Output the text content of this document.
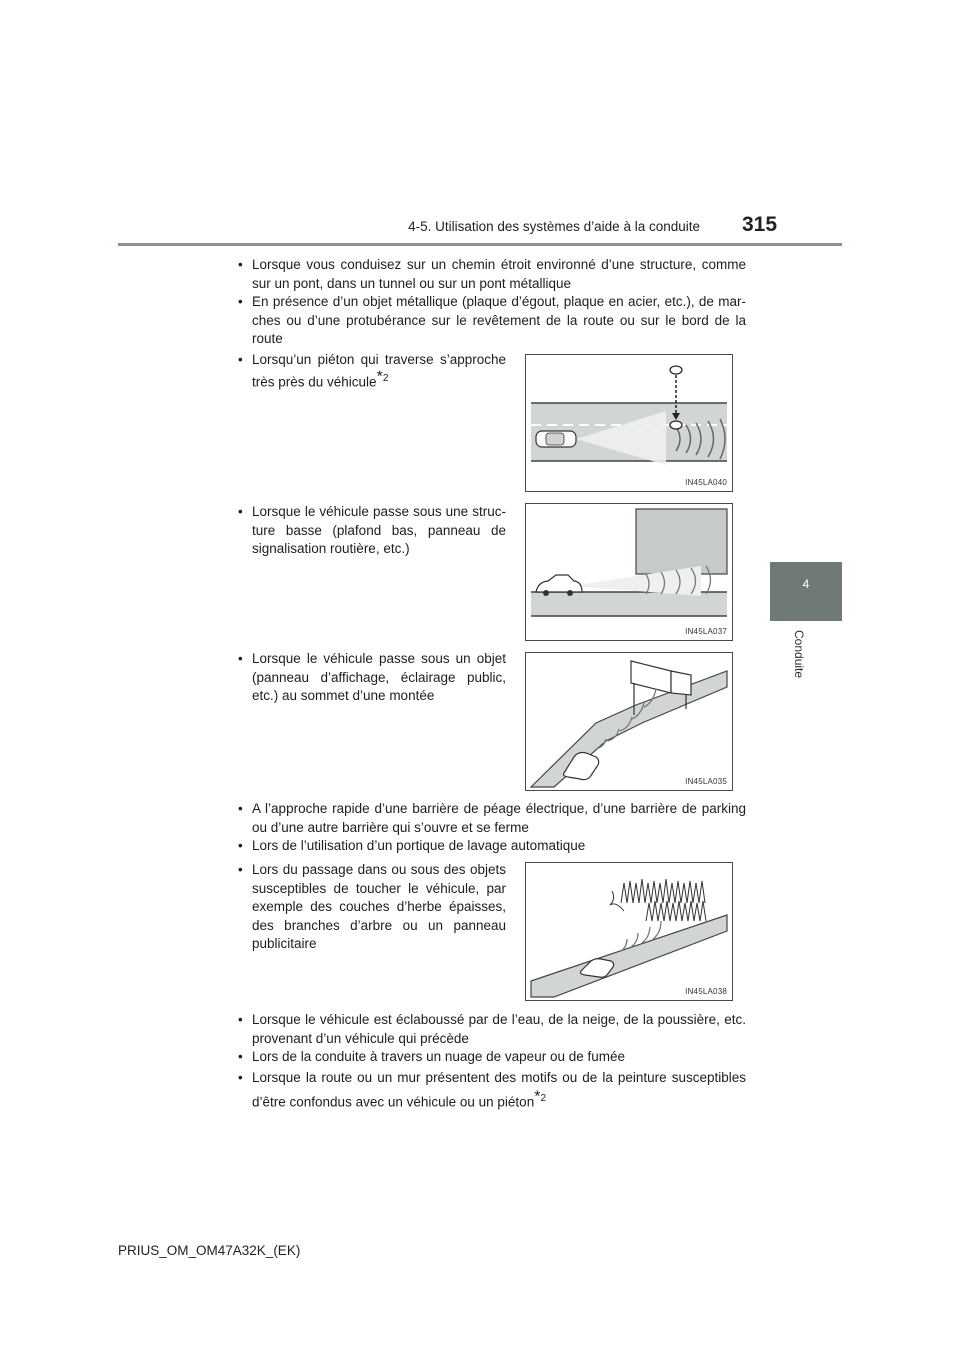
4-5. Utilisation des systèmes d’aide à la conduite 315
4
Conduite
• Lorsque vous conduisez sur un chemin étroit environné d’une structure, comme sur un pont, dans un tunnel ou sur un pont métallique
• En présence d’un objet métallique (plaque d’égout, plaque en acier, etc.), de marches ou d’une protubérance sur le revêtement de la route ou sur le bord de la route
• Lorsqu’un piéton qui traverse s’approche très près du véhicule$^{*2}$
IN45LA040
• Lorsque le véhicule passe sous une structure basse (plafond bas, panneau de signalisation routière, etc.)
IN45LA037
• Lorsque le véhicule passe sous un objet (panneau d’affichage, éclairage public, etc.) au sommet d’une montée
IN45LA035
• A l’approche rapide d’une barrière de péage électrique, d’une barrière de parking ou d’une autre barrière qui s’ouvre et se ferme
• Lors de l’utilisation d’un portique de lavage automatique
• Lors du passage dans ou sous des objets susceptibles de toucher le véhicule, par exemple des couches d’herbe épaisses, des branches d’arbre ou un panneau publicitaire
IN45LA038
• Lorsque le véhicule est éclaboussé par de l’eau, de la neige, de la poussière, etc. provenant d’un véhicule qui précède
• Lors de la conduite à travers un nuage de vapeur ou de fumée
• Lorsque la route ou un mur présentent des motifs ou de la peinture susceptibles d’être confondus avec un véhicule ou un piéton$^{*2}$
PRIUS_OM_OM47A32K_(EK)
